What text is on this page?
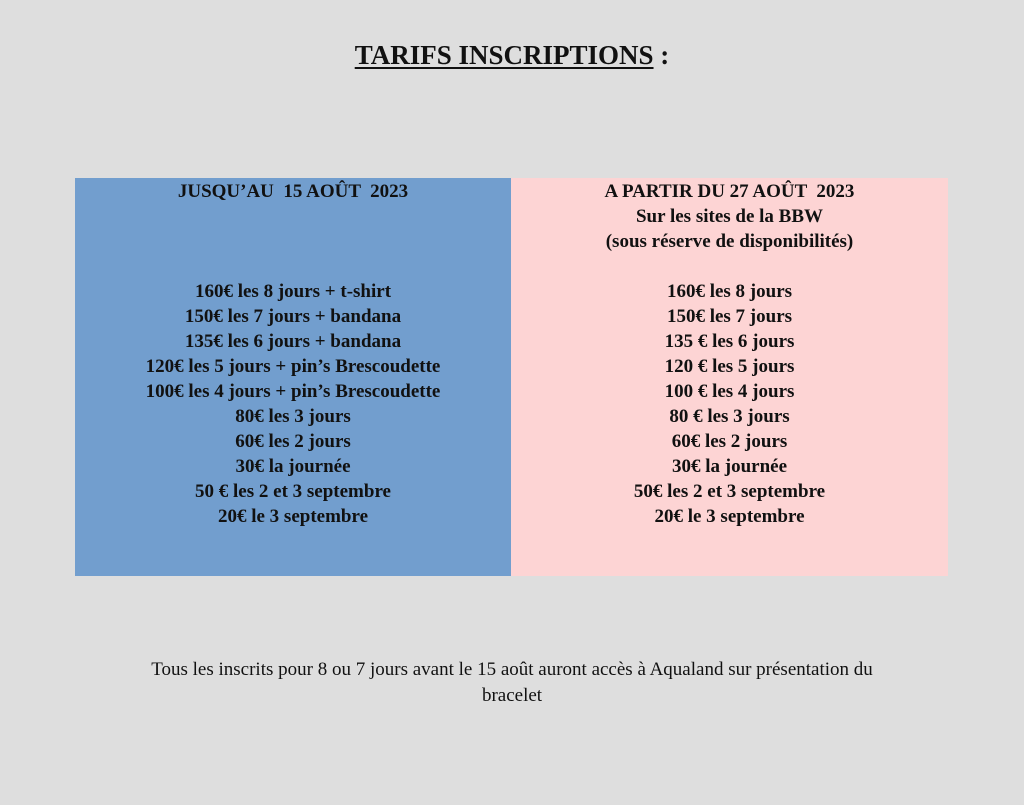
TARIFS INSCRIPTIONS :
JUSQU’AU  15 AOÛT  2023
160€ les 8 jours + t-shirt
150€ les 7 jours + bandana
135€ les 6 jours + bandana
120€ les 5 jours + pin’s Brescoudette
100€ les 4 jours + pin’s Brescoudette
80€ les 3 jours
60€ les 2 jours
30€ la journée
50 € les 2 et 3 septembre
20€ le 3 septembre
A PARTIR DU 27 AOÛT  2023
Sur les sites de la BBW
(sous réserve de disponibilités)
160€ les 8 jours
150€ les 7 jours
135 € les 6 jours
120 € les 5 jours
100 € les 4 jours
80 € les 3 jours
60€ les 2 jours
30€ la journée
50€ les 2 et 3 septembre
20€ le 3 septembre
Tous les inscrits pour 8 ou 7 jours avant le 15 août auront accès à Aqualand sur présentation du
bracelet
